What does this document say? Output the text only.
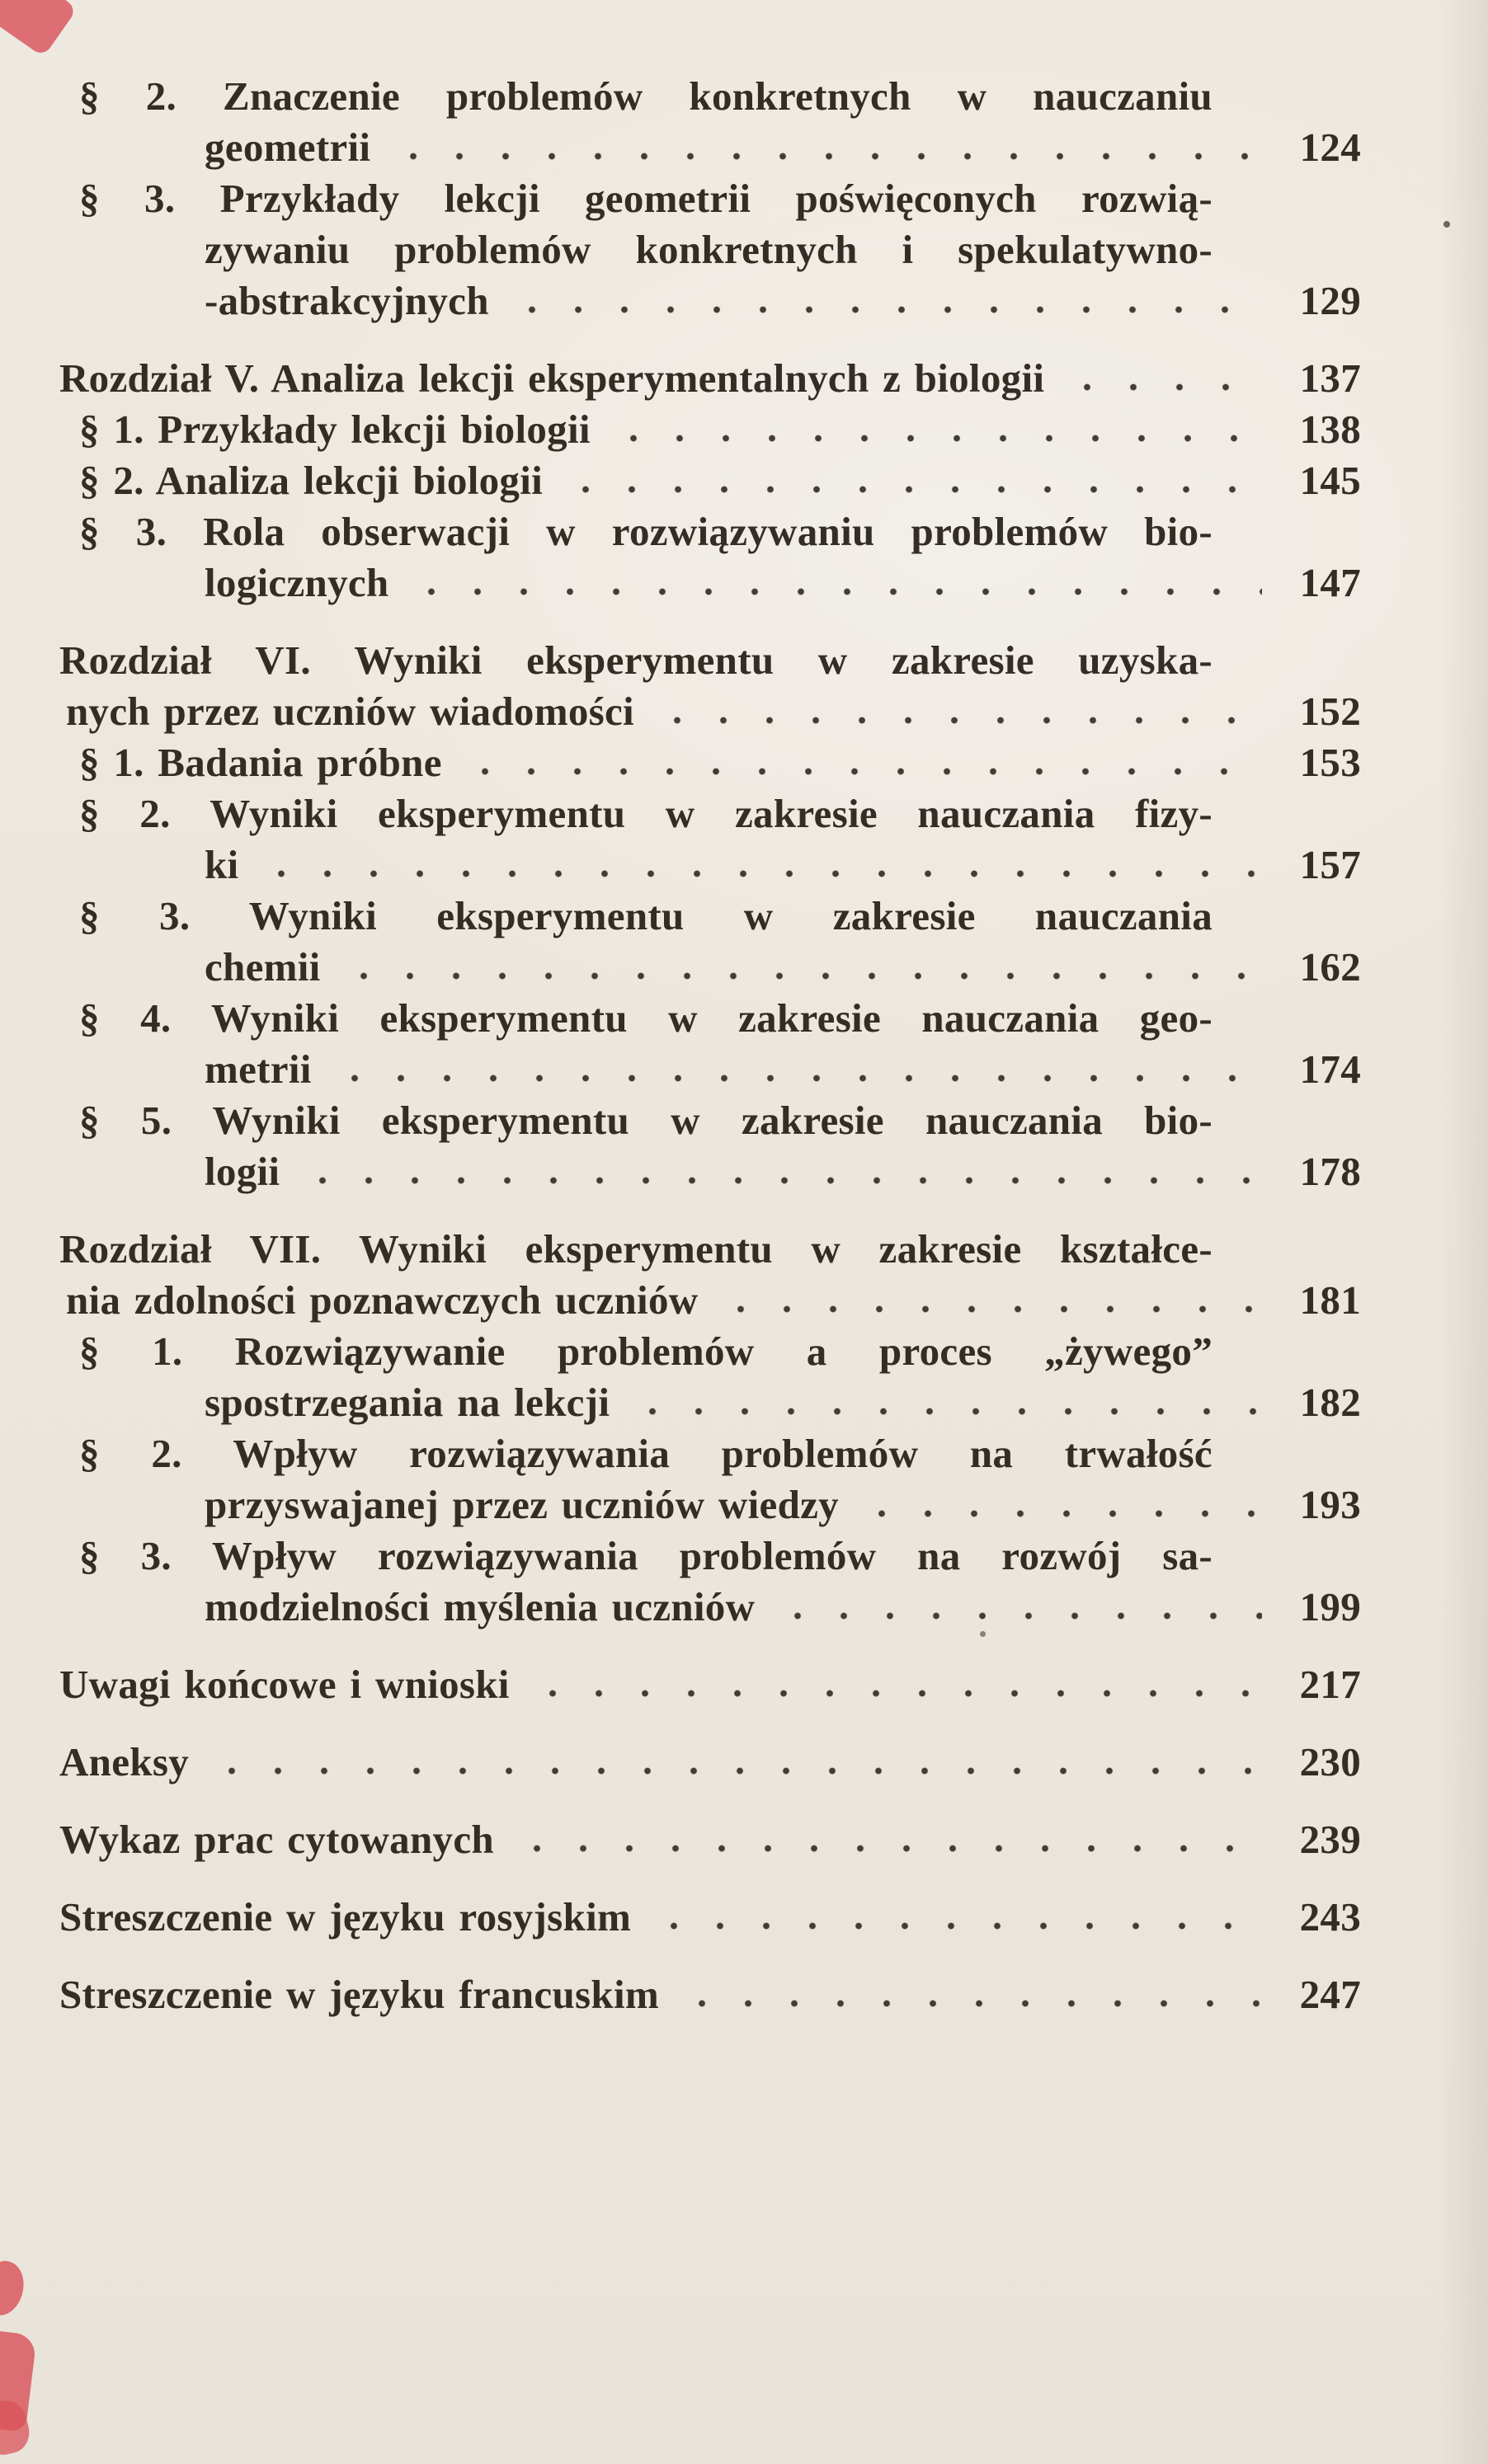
§ 2. Znaczenie problemów konkretnych w nauczaniu
geometrii	124
§ 3. Przykłady lekcji geometrii poświęconych rozwią-
zywaniu problemów konkretnych i spekulatywno-
-abstrakcyjnych	129
Rozdział V. Analiza lekcji eksperymentalnych z biologii	137
§ 1. Przykłady lekcji biologii	138
§ 2. Analiza lekcji biologii	145
§ 3. Rola obserwacji w rozwiązywaniu problemów bio-
logicznych	147
Rozdział VI. Wyniki eksperymentu w zakresie uzyska-
nych przez uczniów wiadomości	152
§ 1. Badania próbne	153
§ 2. Wyniki eksperymentu w zakresie nauczania fizy-
ki	157
§ 3. Wyniki eksperymentu w zakresie nauczania
chemii	162
§ 4. Wyniki eksperymentu w zakresie nauczania geo-
metrii	174
§ 5. Wyniki eksperymentu w zakresie nauczania bio-
logii	178
Rozdział VII. Wyniki eksperymentu w zakresie kształce-
nia zdolności poznawczych uczniów	181
§ 1. Rozwiązywanie problemów a proces „żywego”
spostrzegania na lekcji	182
§ 2. Wpływ rozwiązywania problemów na trwałość
przyswajanej przez uczniów wiedzy	193
§ 3. Wpływ rozwiązywania problemów na rozwój sa-
modzielności myślenia uczniów	199
Uwagi końcowe i wnioski	217
Aneksy	230
Wykaz prac cytowanych	239
Streszczenie w języku rosyjskim	243
Streszczenie w języku francuskim	247
